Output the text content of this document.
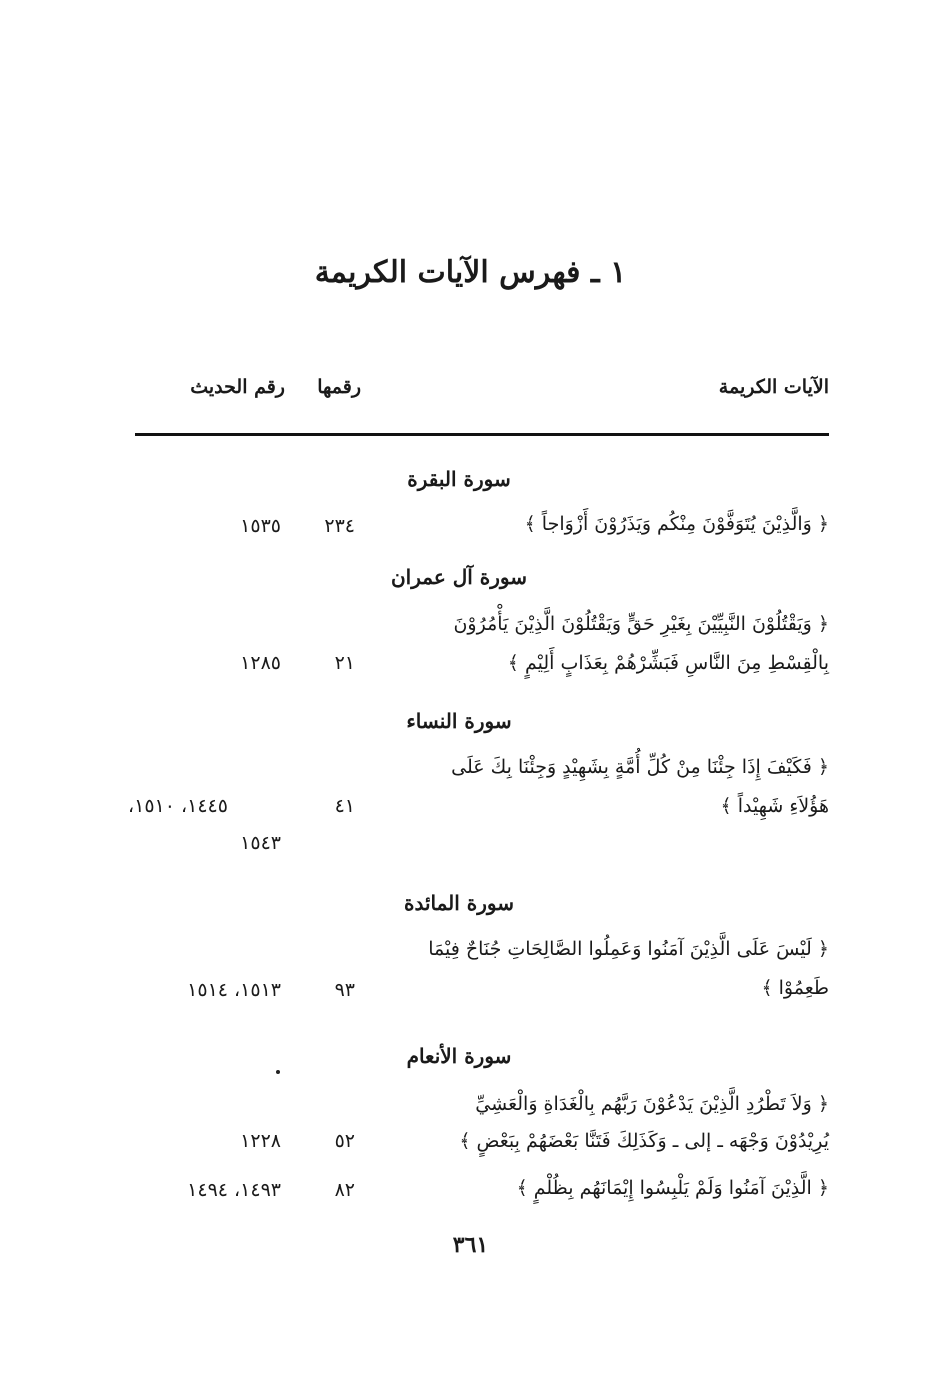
١ ـ فهرس الآيات الكريمة
الآيات الكريمة
رقمها
رقم الحديث
سورة البقرة
﴿ وَالَّذِيْنَ يُتَوَفَّوْنَ مِنْكُم وَيَذَرُوْنَ أَزْوَاجاً ﴾
٢٣٤
١٥٣٥
سورة آل عمران
﴿ وَيَقْتُلُوْنَ النَّبِيِّيْنَ بِغَيْرِ حَقٍّ وَيَقْتُلُوْنَ الَّذِيْنَ يَأْمُرُوْنَ
بِالْقِسْطِ مِنَ النَّاسِ فَبَشِّرْهُمْ بِعَذَابٍ أَلِيْمٍ ﴾
٢١
١٢٨٥
سورة النساء
﴿ فَكَيْفَ إِذَا جِئْنَا مِنْ كُلِّ أُمَّةٍ بِشَهِيْدٍ وَجِئْنَا بِكَ عَلَى
هَؤُلاَءِ شَهِيْداً ﴾
٤١
١٤٤٥، ١٥١٠،
١٥٤٣
سورة المائدة
﴿ لَيْسَ عَلَى الَّذِيْنَ آمَنُوا وَعَمِلُوا الصَّالِحَاتِ جُنَاحٌ فِيْمَا
طَعِمُوْا ﴾
٩٣
١٥١٣، ١٥١٤
سورة الأنعام
﴿ وَلاَ تَطْرُدِ الَّذِيْنَ يَدْعُوْنَ رَبَّهُم بِالْغَدَاةِ وَالْعَشِيِّ
يُرِيْدُوْنَ وَجْهَه ـ إلى ـ وَكَذَلِكَ فَتَنَّا بَعْضَهُمْ بِبَعْضٍ ﴾
٥٢
١٢٢٨
﴿ الَّذِيْنَ آمَنُوا وَلَمْ يَلْبِسُوا إِيْمَانَهُم بِظُلْمٍ ﴾
٨٢
١٤٩٣، ١٤٩٤
٣٦١
